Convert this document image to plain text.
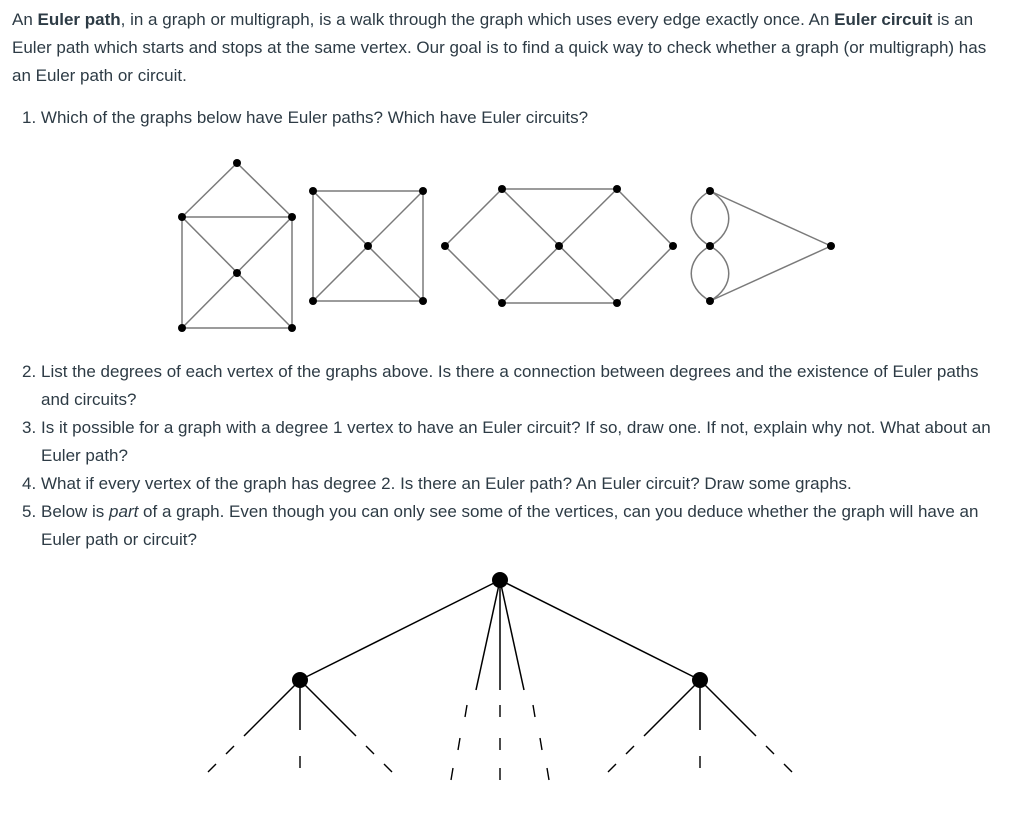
An Euler path, in a graph or multigraph, is a walk through the graph which uses every edge exactly once. An Euler circuit is an Euler path which starts and stops at the same vertex. Our goal is to find a quick way to check whether a graph (or multigraph) has an Euler path or circuit.

1. Which of the graphs below have Euler paths? Which have Euler circuits?

2. List the degrees of each vertex of the graphs above. Is there a connection between degrees and the existence of Euler paths and circuits?
3. Is it possible for a graph with a degree 1 vertex to have an Euler circuit? If so, draw one. If not, explain why not. What about an Euler path?
4. What if every vertex of the graph has degree 2. Is there an Euler path? An Euler circuit? Draw some graphs.
5. Below is part of a graph. Even though you can only see some of the vertices, can you deduce whether the graph will have an Euler path or circuit?
